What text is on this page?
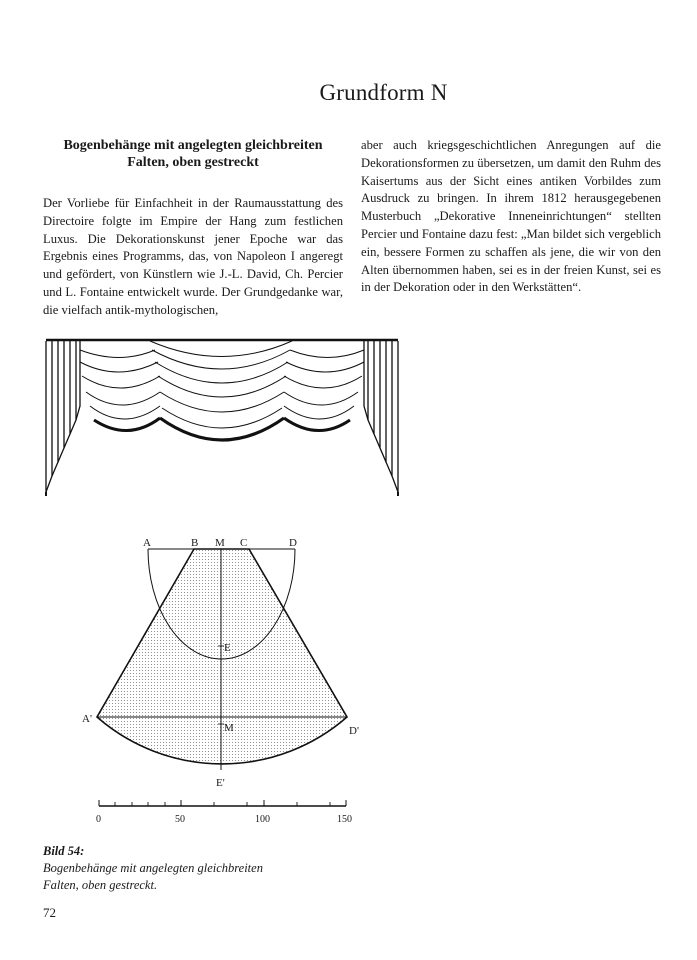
Grundform N
Bogenbehänge mit angelegten gleichbreiten
Falten, oben gestreckt

Der Vorliebe für Einfachheit in der Raumausstattung des Directoire folgte im Empire der Hang zum festlichen Luxus. Die Dekorationskunst jener Epoche war das Ergebnis eines Programms, das, von Napoleon I angeregt und gefördert, von Künstlern wie J.-L. David, Ch. Percier und L. Fontaine entwickelt wurde. Der Grundgedanke war, die vielfach antik-mythologischen,

aber auch kriegsgeschichtlichen Anregungen auf die Dekorationsformen zu übersetzen, um damit den Ruhm des Kaisertums aus der Sicht eines antiken Vorbildes zum Ausdruck zu bringen. In ihrem 1812 herausgegebenen Musterbuch „Dekorative Inneneinrichtungen“ stellten Percier und Fontaine dazu fest: „Man bildet sich vergeblich ein, bessere Formen zu schaffen als jene, die wir von den Alten übernommen haben, sei es in der freien Kunst, sei es in der Dekoration oder in den Werkstätten“.

A	B M C	D
E
M
A'
D'
E'
0	50	100	150
Bild 54:
Bogenbehänge mit angelegten gleichbreiten
Falten, oben gestreckt.
72
